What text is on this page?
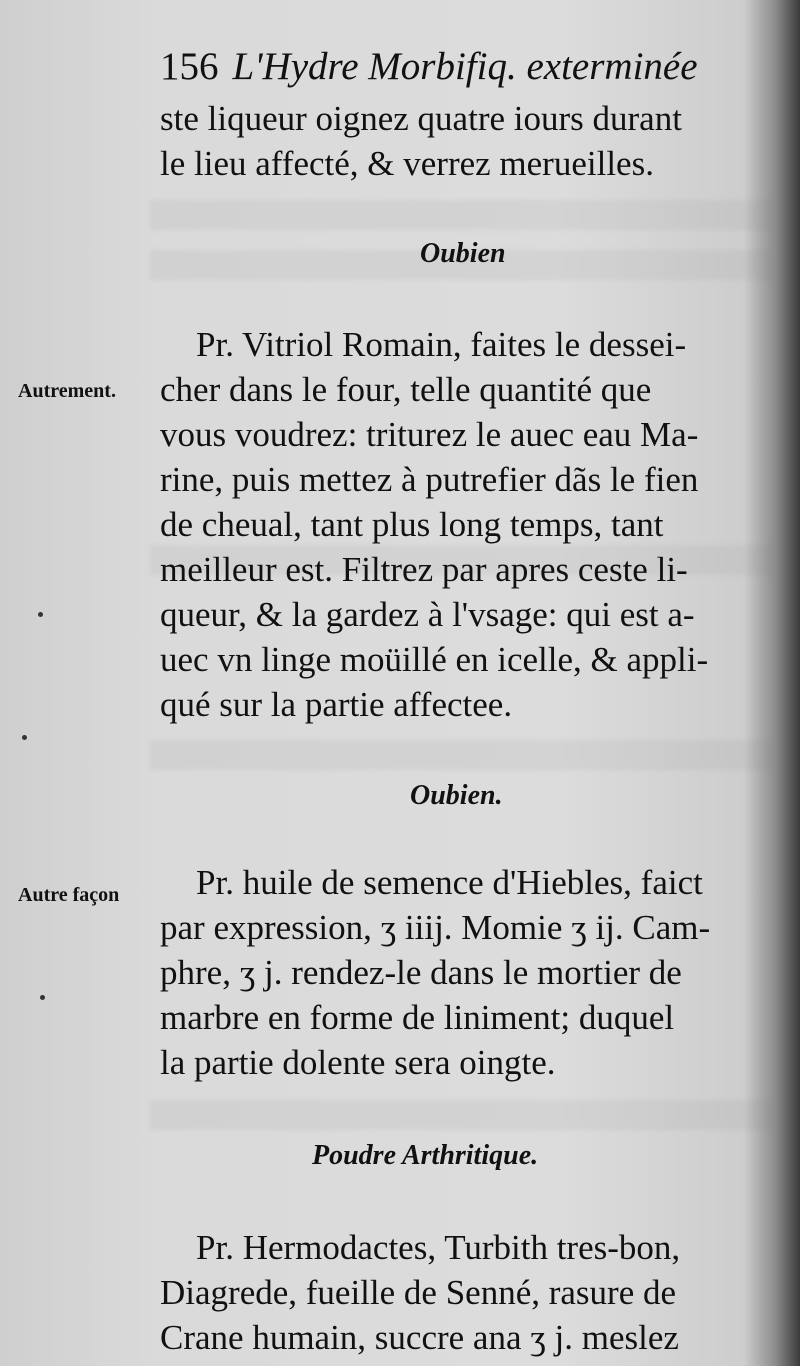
156 L'Hydre Morbifiq. exterminée
ste liqueur oignez quatre iours durant
le lieu affecté, & verrez merueilles.
Oubien
Autrement.
Pr. Vitriol Romain, faites le dessei-
cher dans le four, telle quantité que
vous voudrez: triturez le auec eau Ma-
rine, puis mettez à putrefier dãs le fien
de cheual, tant plus long temps, tant
meilleur est. Filtrez par apres ceste li-
queur, & la gardez à l'vsage: qui est a-
uec vn linge moüillé en icelle, & appli-
qué sur la partie affectee.
Oubien.
Autre façon	Pr. huile de semence d'Hiebles, faict
par expression, ʒ iiij. Momie ʒ ij. Cam-
phre, ʒ j. rendez-le dans le mortier de
marbre en forme de liniment; duquel
la partie dolente sera oingte.
Poudre Arthritique.
Pr. Hermodactes, Turbith tres-bon,
Diagrede, fueille de Senné, rasure de
Crane humain, succre ana ʒ j. meslez
